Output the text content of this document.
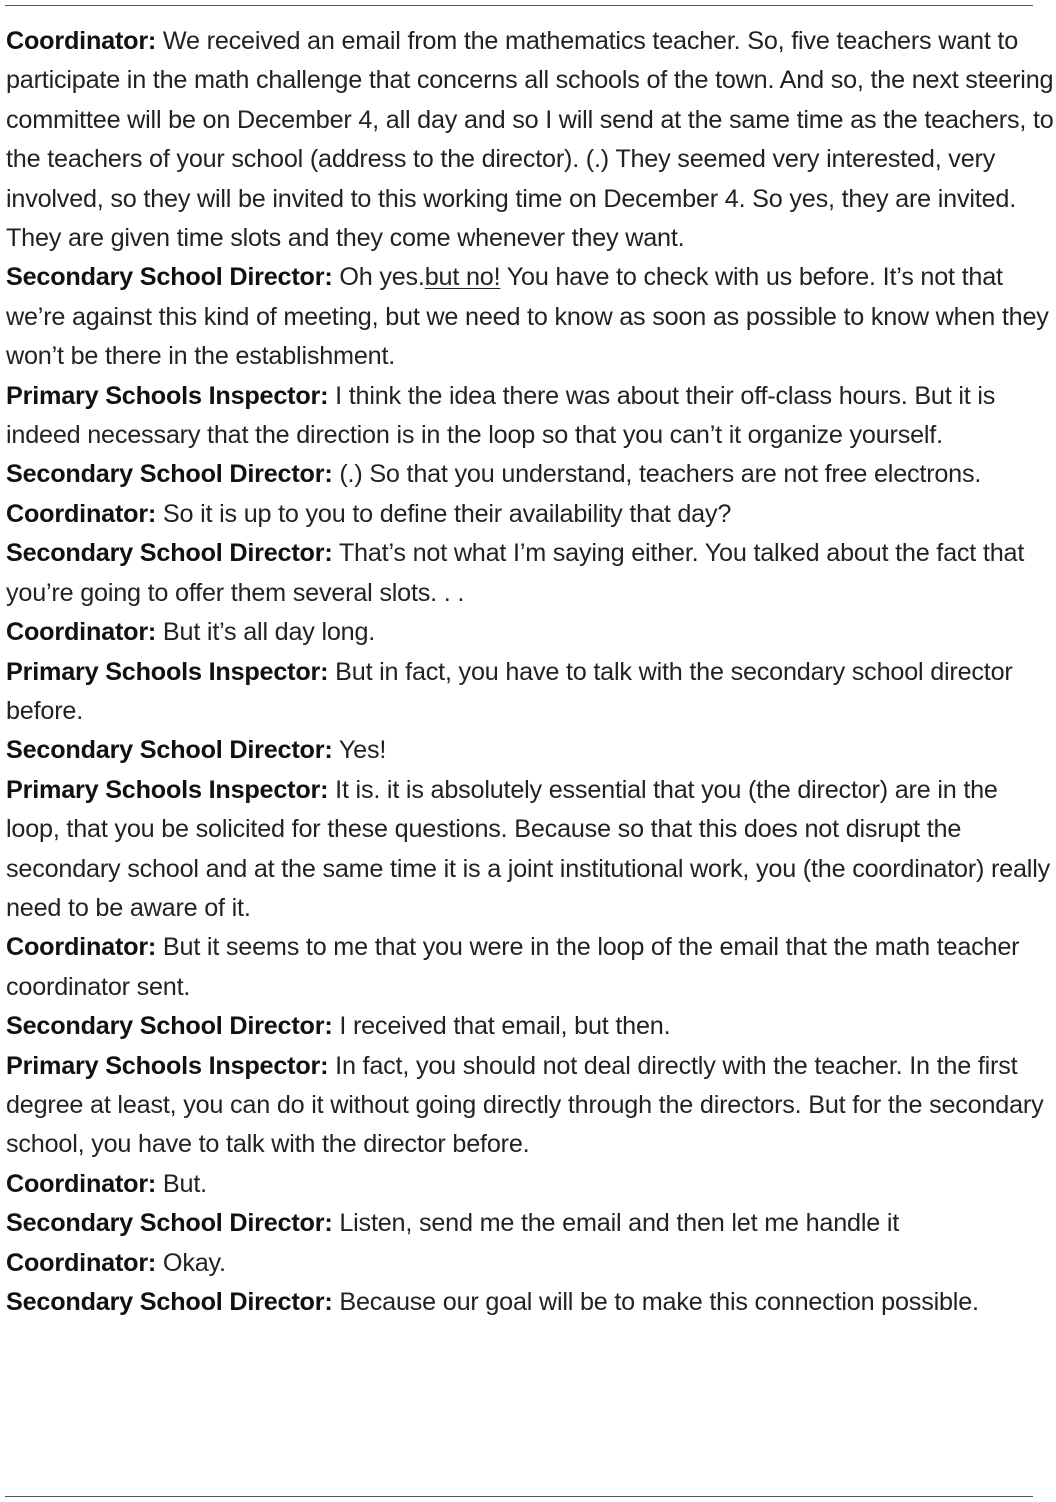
Coordinator: We received an email from the mathematics teacher. So, five teachers want to participate in the math challenge that concerns all schools of the town. And so, the next steering committee will be on December 4, all day and so I will send at the same time as the teachers, to the teachers of your school (address to the director). (.) They seemed very interested, very involved, so they will be invited to this working time on December 4. So yes, they are invited. They are given time slots and they come whenever they want.

Secondary School Director: Oh yes.but no! You have to check with us before. It’s not that we’re against this kind of meeting, but we need to know as soon as possible to know when they won’t be there in the establishment.

Primary Schools Inspector: I think the idea there was about their off-class hours. But it is indeed necessary that the direction is in the loop so that you can’t it organize yourself.

Secondary School Director: (.) So that you understand, teachers are not free electrons.

Coordinator: So it is up to you to define their availability that day?

Secondary School Director: That’s not what I’m saying either. You talked about the fact that you’re going to offer them several slots. . .

Coordinator: But it’s all day long.

Primary Schools Inspector: But in fact, you have to talk with the secondary school director before.

Secondary School Director: Yes!

Primary Schools Inspector: It is. it is absolutely essential that you (the director) are in the loop, that you be solicited for these questions. Because so that this does not disrupt the secondary school and at the same time it is a joint institutional work, you (the coordinator) really need to be aware of it.

Coordinator: But it seems to me that you were in the loop of the email that the math teacher coordinator sent.

Secondary School Director: I received that email, but then.

Primary Schools Inspector: In fact, you should not deal directly with the teacher. In the first degree at least, you can do it without going directly through the directors. But for the secondary school, you have to talk with the director before.

Coordinator: But.

Secondary School Director: Listen, send me the email and then let me handle it

Coordinator: Okay.

Secondary School Director: Because our goal will be to make this connection possible.
